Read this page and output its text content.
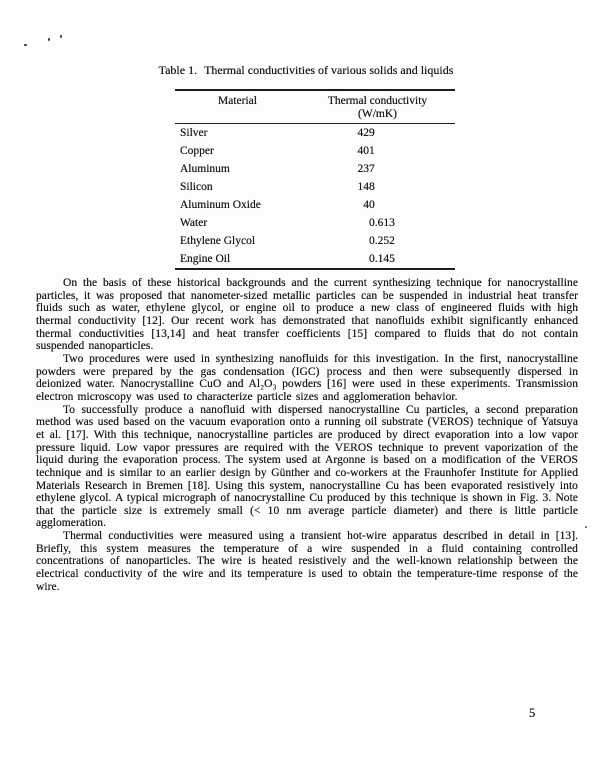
Table 1. Thermal conductivities of various solids and liquids
Material	Thermal conductivity
(W/mK)
Silver	429
Copper	401
Aluminum	237
Silicon	148
Aluminum Oxide	40
Water	0 .613
Ethylene Glycol	0 .252
Engine Oil	0 .145

On the basis of these historical backgrounds and the current synthesizing technique for nanocrystalline particles, it was proposed that nanometer-sized metallic particles can be suspended in industrial heat transfer fluids such as water, ethylene glycol, or engine oil to produce a new class of engineered fluids with high thermal conductivity [12]. Our recent work has demonstrated that nanofluids exhibit significantly enhanced thermal conductivities [13,14] and heat transfer coefficients [15] compared to fluids that do not contain suspended nanoparticles.

Two procedures were used in synthesizing nanofluids for this investigation. In the first, nanocrystalline powders were prepared by the gas condensation (IGC) process and then were subsequently dispersed in deionized water. Nanocrystalline CuO and Al₂O₃ powders [16] were used in these experiments. Transmission electron microscopy was used to characterize particle sizes and agglomeration behavior.

To successfully produce a nanofluid with dispersed nanocrystalline Cu particles, a second preparation method was used based on the vacuum evaporation onto a running oil substrate (VEROS) technique of Yatsuya et al. [17]. With this technique, nanocrystalline particles are produced by direct evaporation into a low vapor pressure liquid. Low vapor pressures are required with the VEROS technique to prevent vaporization of the liquid during the evaporation process. The system used at Argonne is based on a modification of the VEROS technique and is similar to an earlier design by Günther and co-workers at the Fraunhofer Institute for Applied Materials Research in Bremen [18]. Using this system, nanocrystalline Cu has been evaporated resistively into ethylene glycol. A typical micrograph of nanocrystalline Cu produced by this technique is shown in Fig. 3. Note that the particle size is extremely small (< 10 nm average particle diameter) and there is little particle agglomeration.

Thermal conductivities were measured using a transient hot-wire apparatus described in detail in [13]. Briefly, this system measures the temperature of a wire suspended in a fluid containing controlled concentrations of nanoparticles. The wire is heated resistively and the well-known relationship between the electrical conductivity of the wire and its temperature is used to obtain the temperature-time response of the wire.

5
